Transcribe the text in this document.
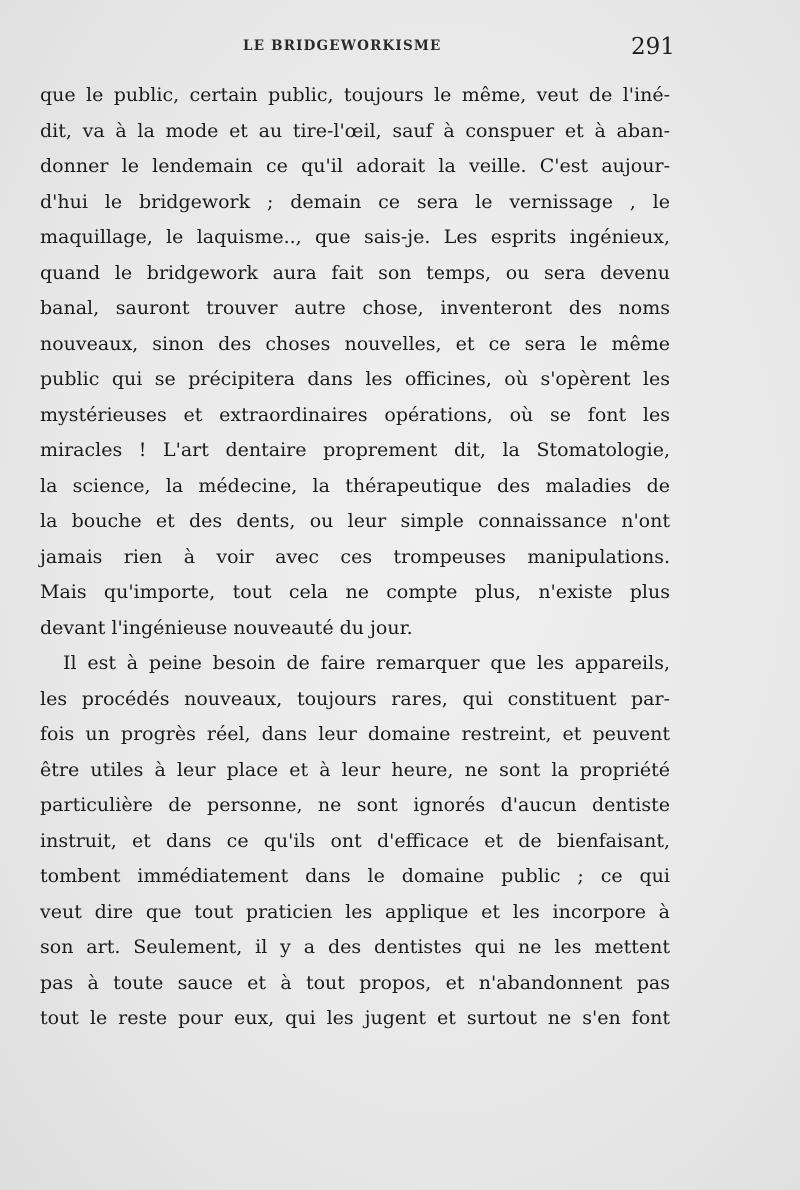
LE BRIDGEWORKISME	291
que le public, certain public, toujours le même, veut de l'iné-
dit, va à la mode et au tire-l'œil, sauf à conspuer et à aban-
donner le lendemain ce qu'il adorait la veille. C'est aujour-
d'hui le bridgework ; demain ce sera le vernissage , le
maquillage, le laquisme.., que sais-je. Les esprits ingénieux,
quand le bridgework aura fait son temps, ou sera devenu
banal, sauront trouver autre chose, inventeront des noms
nouveaux, sinon des choses nouvelles, et ce sera le même
public qui se précipitera dans les officines, où s'opèrent les
mystérieuses et extraordinaires opérations, où se font les
miracles ! L'art dentaire proprement dit, la Stomatologie,
la science, la médecine, la thérapeutique des maladies de
la bouche et des dents, ou leur simple connaissance n'ont
jamais rien à voir avec ces trompeuses manipulations.
Mais qu'importe, tout cela ne compte plus, n'existe plus
devant l'ingénieuse nouveauté du jour.
Il est à peine besoin de faire remarquer que les appareils,
les procédés nouveaux, toujours rares, qui constituent par-
fois un progrès réel, dans leur domaine restreint, et peuvent
être utiles à leur place et à leur heure, ne sont la propriété
particulière de personne, ne sont ignorés d'aucun dentiste
instruit, et dans ce qu'ils ont d'efficace et de bienfaisant,
tombent immédiatement dans le domaine public ; ce qui
veut dire que tout praticien les applique et les incorpore à
son art. Seulement, il y a des dentistes qui ne les mettent
pas à toute sauce et à tout propos, et n'abandonnent pas
tout le reste pour eux, qui les jugent et surtout ne s'en font
